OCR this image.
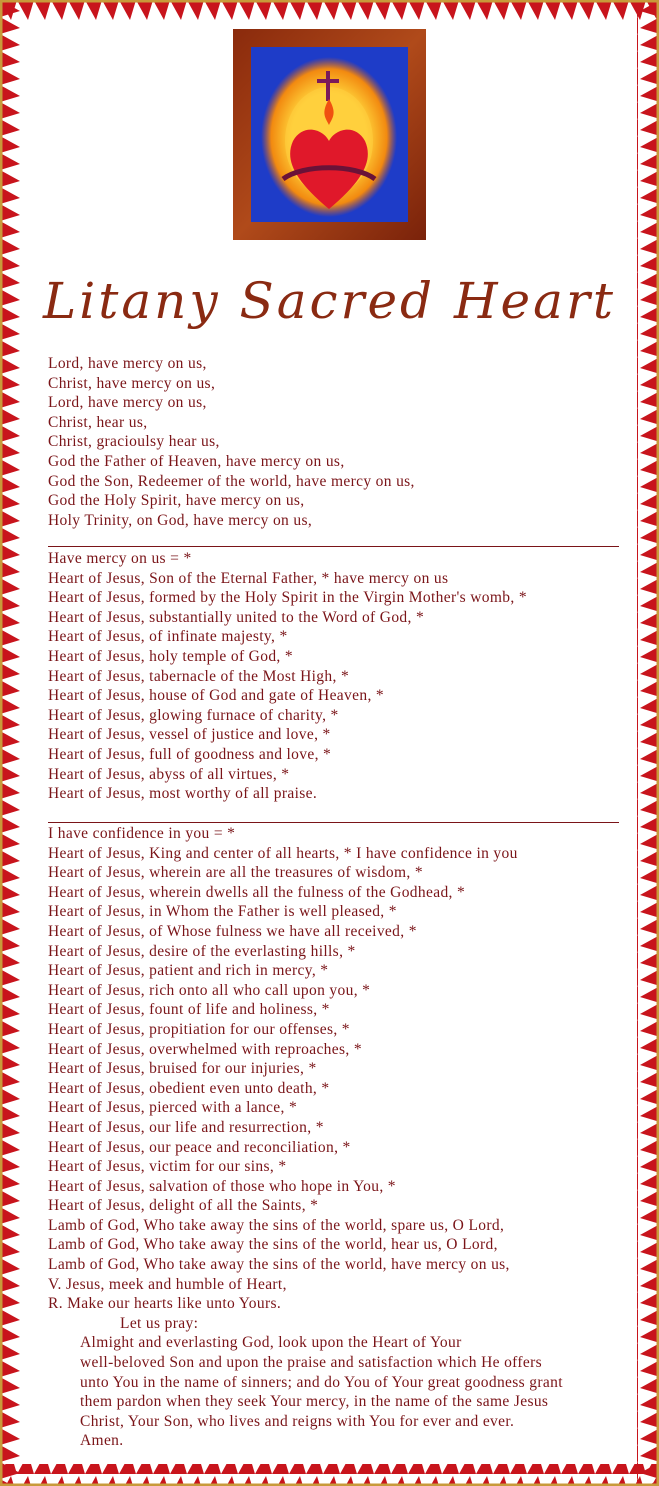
Litany Sacred Heart
Lord, have mercy on us,
Christ, have mercy on us,
Lord, have mercy on us,
Christ, hear us,
Christ, gracioulsy hear us,
God the Father of Heaven, have mercy on us,
God the Son, Redeemer of the world, have mercy on us,
God the Holy Spirit, have mercy on us,
Holy Trinity, on God, have mercy on us,
Have mercy on us = *
Heart of Jesus, Son of the Eternal Father, * have mercy on us
Heart of Jesus, formed by the Holy Spirit in the Virgin Mother's womb, *
Heart of Jesus, substantially united to the Word of God, *
Heart of Jesus, of infinate majesty, *
Heart of Jesus, holy temple of God, *
Heart of Jesus, tabernacle of the Most High, *
Heart of Jesus, house of God and gate of Heaven, *
Heart of Jesus, glowing furnace of charity, *
Heart of Jesus, vessel of justice and love, *
Heart of Jesus, full of goodness and love, *
Heart of Jesus, abyss of all virtues, *
Heart of Jesus, most worthy of all praise.
I have confidence in you = *
Heart of Jesus, King and center of all hearts, * I have confidence in you
Heart of Jesus, wherein are all the treasures of wisdom, *
Heart of Jesus, wherein dwells all the fulness of the Godhead, *
Heart of Jesus, in Whom the Father is well pleased, *
Heart of Jesus, of Whose fulness we have all received, *
Heart of Jesus, desire of the everlasting hills, *
Heart of Jesus, patient and rich in mercy, *
Heart of Jesus, rich onto all who call upon you, *
Heart of Jesus, fount of life and holiness, *
Heart of Jesus, propitiation for our offenses, *
Heart of Jesus, overwhelmed with reproaches, *
Heart of Jesus, bruised for our injuries, *
Heart of Jesus, obedient even unto death, *
Heart of Jesus, pierced with a lance, *
Heart of Jesus, our life and resurrection, *
Heart of Jesus, our peace and reconciliation, *
Heart of Jesus, victim for our sins, *
Heart of Jesus, salvation of those who hope in You, *
Heart of Jesus, delight of all the Saints, *
Lamb of God, Who take away the sins of the world, spare us, O Lord,
Lamb of God, Who take away the sins of the world, hear us, O Lord,
Lamb of God, Who take away the sins of the world, have mercy on us,
V. Jesus, meek and humble of Heart,
R. Make our hearts like unto Yours.
Let us pray:
Almight and everlasting God, look upon the Heart of Your
well-beloved Son and upon the praise and satisfaction which He offers
unto You in the name of sinners; and do You of Your great goodness grant
them pardon when they seek Your mercy, in the name of the same Jesus
Christ, Your Son, who lives and reigns with You for ever and ever.
Amen.
